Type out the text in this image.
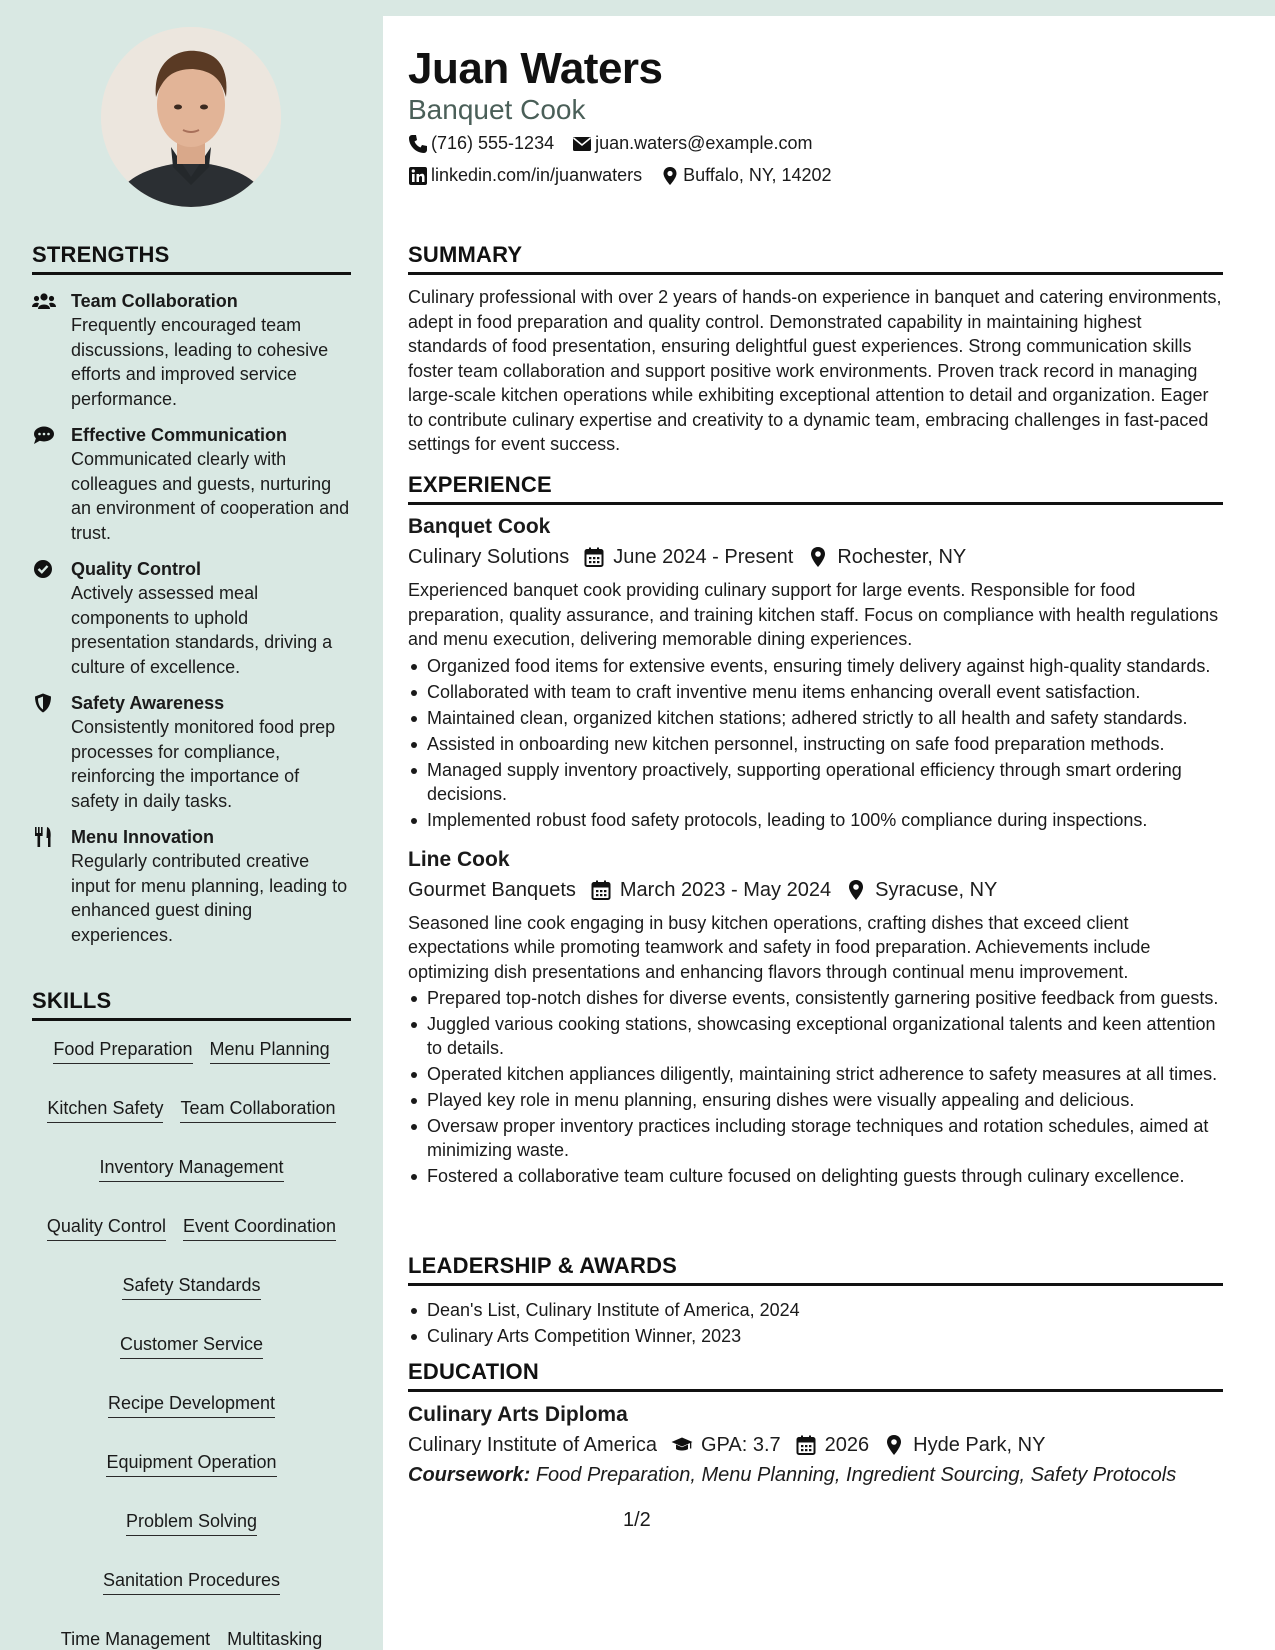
STRENGTHS
Team Collaboration
Frequently encouraged team discussions, leading to cohesive efforts and improved service performance.
Effective Communication
Communicated clearly with colleagues and guests, nurturing an environment of cooperation and trust.
Quality Control
Actively assessed meal components to uphold presentation standards, driving a culture of excellence.
Safety Awareness
Consistently monitored food prep processes for compliance, reinforcing the importance of safety in daily tasks.
Menu Innovation
Regularly contributed creative input for menu planning, leading to enhanced guest dining experiences.
SKILLS
Food Preparation Menu Planning
Kitchen Safety Team Collaboration
Inventory Management
Quality Control Event Coordination
Safety Standards
Customer Service
Recipe Development
Equipment Operation
Problem Solving
Sanitation Procedures
Time Management Multitasking
Juan Waters
Banquet Cook
(716) 555-1234 juan.waters@example.com
linkedin.com/in/juanwaters Buffalo, NY, 14202
SUMMARY

Culinary professional with over 2 years of hands-on experience in banquet and catering environments, adept in food preparation and quality control. Demonstrated capability in maintaining highest standards of food presentation, ensuring delightful guest experiences. Strong communication skills foster team collaboration and support positive work environments. Proven track record in managing large-scale kitchen operations while exhibiting exceptional attention to detail and organization. Eager to contribute culinary expertise and creativity to a dynamic team, embracing challenges in fast-paced settings for event success.

EXPERIENCE
Banquet Cook
Culinary Solutions June 2024 - Present Rochester, NY

Experienced banquet cook providing culinary support for large events. Responsible for food preparation, quality assurance, and training kitchen staff. Focus on compliance with health regulations and menu execution, delivering memorable dining experiences.

Organized food items for extensive events, ensuring timely delivery against high-quality standards.
Collaborated with team to craft inventive menu items enhancing overall event satisfaction.
Maintained clean, organized kitchen stations; adhered strictly to all health and safety standards.
Assisted in onboarding new kitchen personnel, instructing on safe food preparation methods.
Managed supply inventory proactively, supporting operational efficiency through smart ordering decisions.
Implemented robust food safety protocols, leading to 100% compliance during inspections.
Line Cook
Gourmet Banquets March 2023 - May 2024 Syracuse, NY

Seasoned line cook engaging in busy kitchen operations, crafting dishes that exceed client expectations while promoting teamwork and safety in food preparation. Achievements include optimizing dish presentations and enhancing flavors through continual menu improvement.

Prepared top-notch dishes for diverse events, consistently garnering positive feedback from guests.
Juggled various cooking stations, showcasing exceptional organizational talents and keen attention to details.
Operated kitchen appliances diligently, maintaining strict adherence to safety measures at all times.
Played key role in menu planning, ensuring dishes were visually appealing and delicious.
Oversaw proper inventory practices including storage techniques and rotation schedules, aimed at minimizing waste.
Fostered a collaborative team culture focused on delighting guests through culinary excellence.
LEADERSHIP & AWARDS
Dean's List, Culinary Institute of America, 2024
Culinary Arts Competition Winner, 2023
EDUCATION
Culinary Arts Diploma
Culinary Institute of America GPA: 3.7 2026 Hyde Park, NY
Coursework: Food Preparation, Menu Planning, Ingredient Sourcing, Safety Protocols
1/2
